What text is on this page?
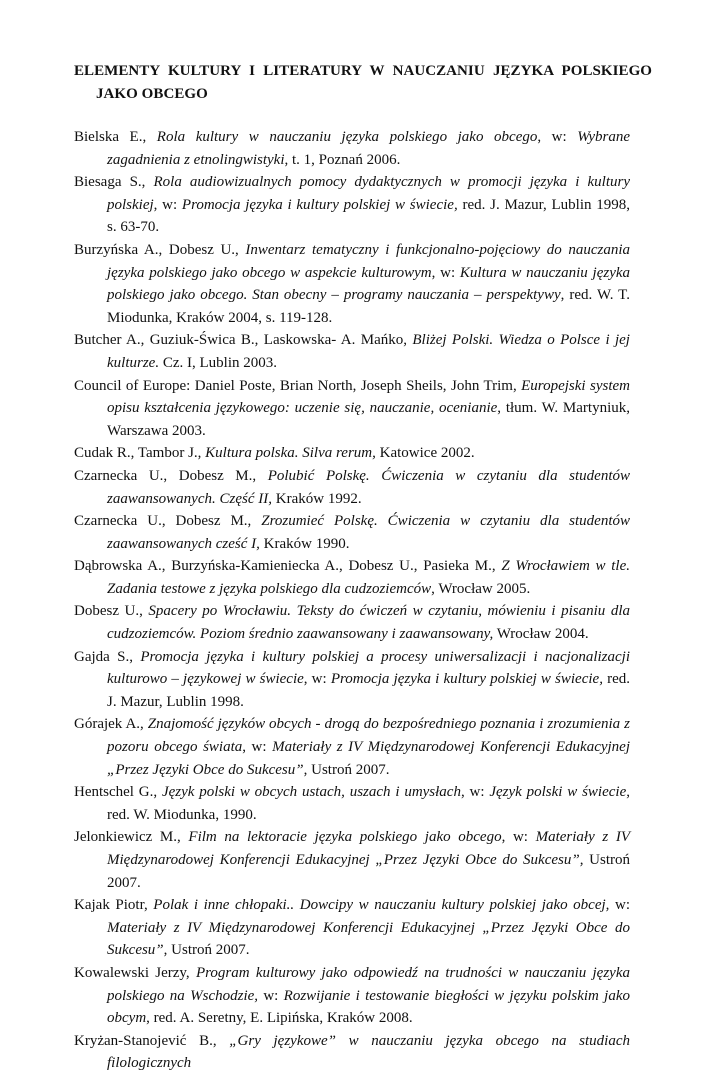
ELEMENTY KULTURY I LITERATURY W NAUCZANIU JĘZYKA POLSKIEGO JAKO OBCEGO
Bielska E., Rola kultury w nauczaniu języka polskiego jako obcego, w: Wybrane zagadnienia z etnolingwistyki, t. 1, Poznań 2006.
Biesaga S., Rola audiowizualnych pomocy dydaktycznych w promocji języka i kultury polskiej, w: Promocja języka i kultury polskiej w świecie, red. J. Mazur, Lublin 1998, s. 63-70.
Burzyńska A., Dobesz U., Inwentarz tematyczny i funkcjonalno-pojęciowy do nauczania języka polskiego jako obcego w aspekcie kulturowym, w: Kultura w nauczaniu języka polskiego jako obcego. Stan obecny – programy nauczania – perspektywy, red. W. T. Miodunka, Kraków 2004, s. 119-128.
Butcher A., Guziuk-Świca B., Laskowska- A. Mańko, Bliżej Polski. Wiedza o Polsce i jej kulturze. Cz. I, Lublin 2003.
Council of Europe: Daniel Poste, Brian North, Joseph Sheils, John Trim, Europejski system opisu kształcenia językowego: uczenie się, nauczanie, ocenianie, tłum. W. Martyniuk, Warszawa 2003.
Cudak R., Tambor J., Kultura polska. Silva rerum, Katowice 2002.
Czarnecka U., Dobesz M., Polubić Polskę. Ćwiczenia w czytaniu dla studentów zaawansowanych. Część II, Kraków 1992.
Czarnecka U., Dobesz M., Zrozumieć Polskę. Ćwiczenia w czytaniu dla studentów zaawansowanych cześć I, Kraków 1990.
Dąbrowska A., Burzyńska-Kamieniecka A., Dobesz U., Pasieka M., Z Wrocławiem w tle. Zadania testowe z języka polskiego dla cudzoziemców, Wrocław 2005.
Dobesz U., Spacery po Wrocławiu. Teksty do ćwiczeń w czytaniu, mówieniu i pisaniu dla cudzoziemców. Poziom średnio zaawansowany i zaawansowany, Wrocław 2004.
Gajda S., Promocja języka i kultury polskiej a procesy uniwersalizacji i nacjonalizacji kulturowo – językowej w świecie, w: Promocja języka i kultury polskiej w świecie, red. J. Mazur, Lublin 1998.
Górajek A., Znajomość języków obcych - drogą do bezpośredniego poznania i zrozumienia z pozoru obcego świata, w: Materiały z IV Międzynarodowej Konferencji Edukacyjnej „Przez Języki Obce do Sukcesu”, Ustroń 2007.
Hentschel G., Język polski w obcych ustach, uszach i umysłach, w: Język polski w świecie, red. W. Miodunka, 1990.
Jelonkiewicz M., Film na lektoracie języka polskiego jako obcego, w: Materiały z IV Międzynarodowej Konferencji Edukacyjnej „Przez Języki Obce do Sukcesu”, Ustroń 2007.
Kajak Piotr, Polak i inne chłopaki.. Dowcipy w nauczaniu kultury polskiej jako obcej, w: Materiały z IV Międzynarodowej Konferencji Edukacyjnej „Przez Języki Obce do Sukcesu”, Ustroń 2007.
Kowalewski Jerzy, Program kulturowy jako odpowiedź na trudności w nauczaniu języka polskiego na Wschodzie, w: Rozwijanie i testowanie biegłości w języku polskim jako obcym, red. A. Seretny, E. Lipińska, Kraków 2008.
Kryżan-Stanojević B., „Gry językowe” w nauczaniu języka obcego na studiach filologicznych
